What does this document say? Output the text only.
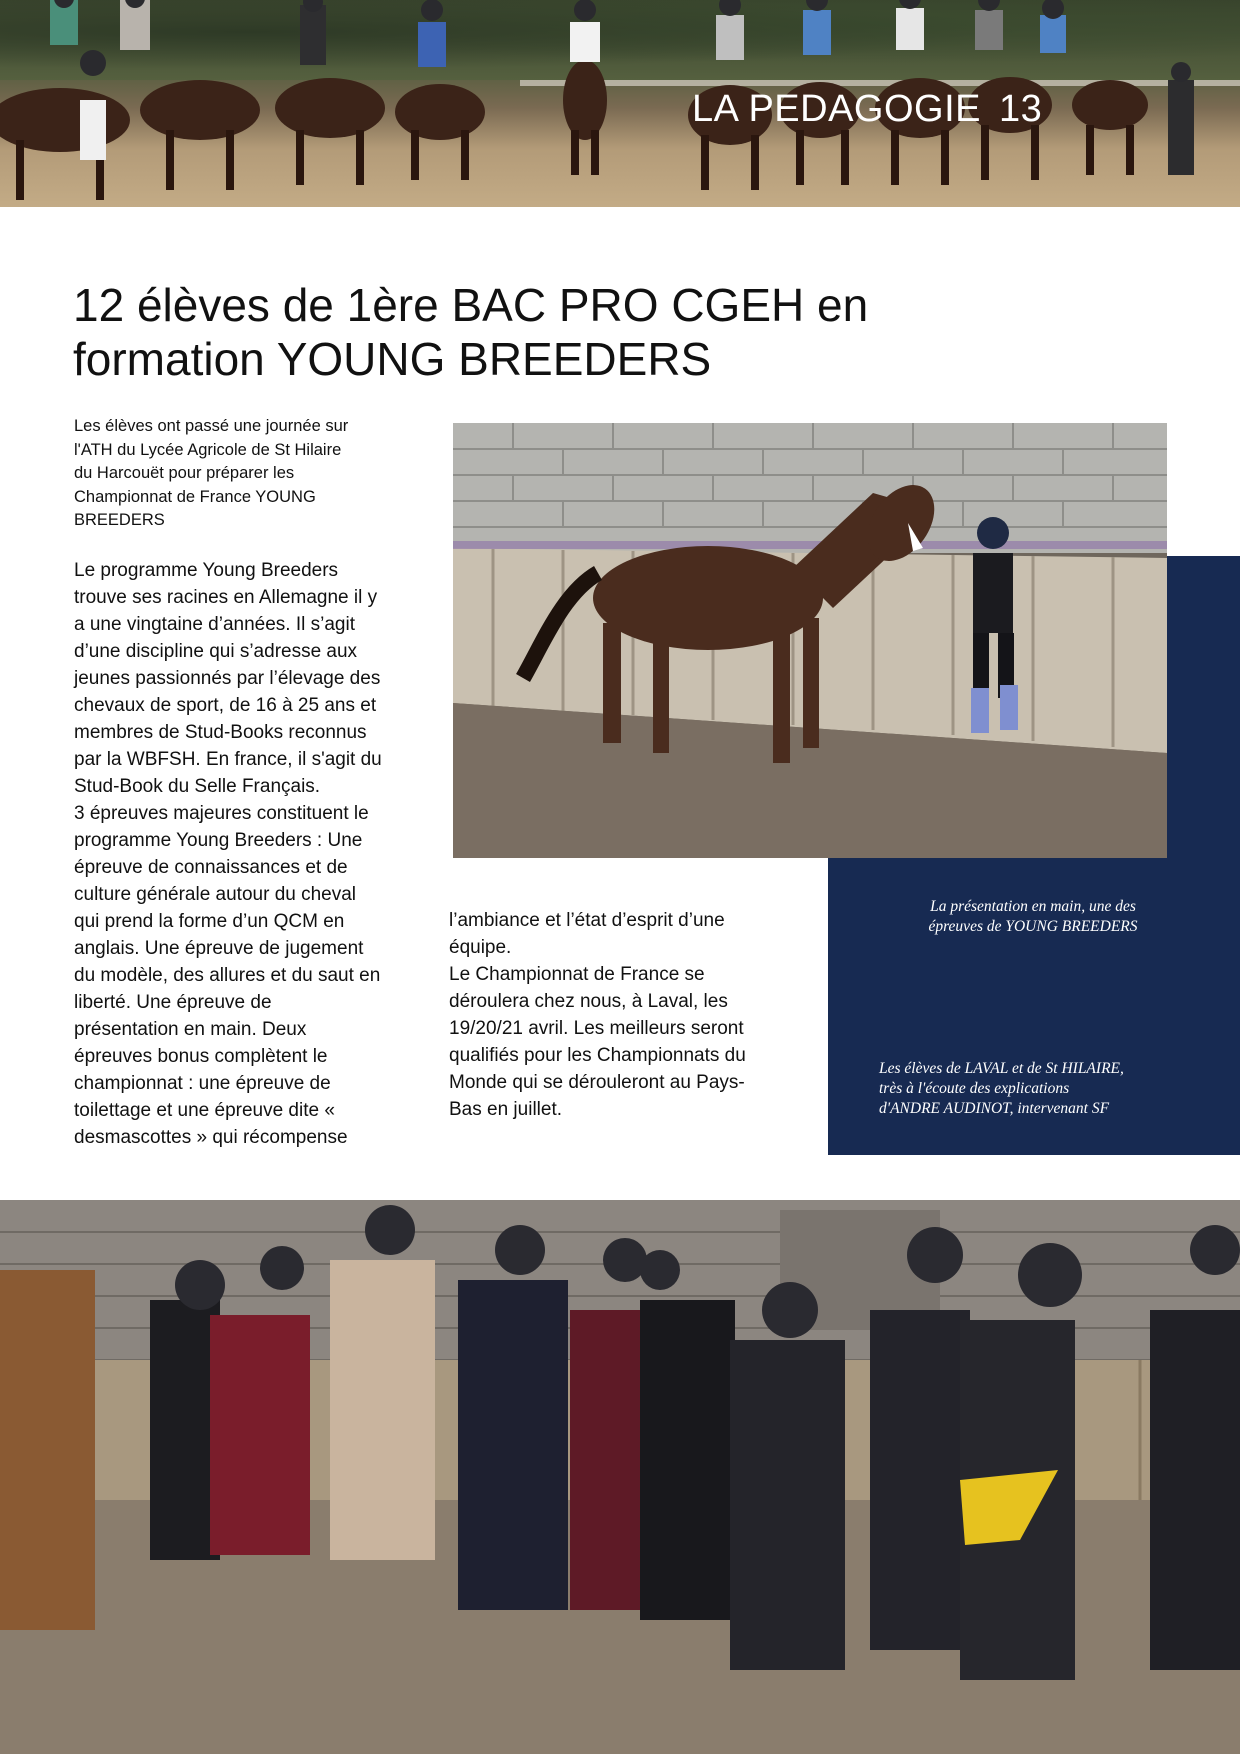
LA PEDAGOGIE 13
12 élèves de 1ère BAC PRO CGEH en
formation YOUNG BREEDERS
Les élèves ont passé une journée sur
l'ATH du Lycée Agricole de St Hilaire
du Harcouët pour préparer les
Championnat de France YOUNG
BREEDERS
Le programme Young Breeders
trouve ses racines en Allemagne il y
a une vingtaine d’années. Il s’agit
d’une discipline qui s’adresse aux
jeunes passionnés par l’élevage des
chevaux de sport, de 16 à 25 ans et
membres de Stud-Books reconnus
par la WBFSH. En france, il s'agit du
Stud-Book du Selle Français.
3 épreuves majeures constituent le
programme Young Breeders : Une
épreuve de connaissances et de
culture générale autour du cheval
qui prend la forme d’un QCM en
anglais. Une épreuve de jugement
du modèle, des allures et du saut en
liberté. Une épreuve de
présentation en main. Deux
épreuves bonus complètent le
championnat : une épreuve de
toilettage et une épreuve dite «
desmascottes » qui récompense
l’ambiance et l’état d’esprit d’une
équipe.
Le Championnat de France se
déroulera chez nous, à Laval, les
19/20/21 avril. Les meilleurs seront
qualifiés pour les Championnats du
Monde qui se dérouleront au Pays-
Bas en juillet.
La présentation en main, une des
épreuves de YOUNG BREEDERS
Les élèves de LAVAL et de St HILAIRE,
très à l'écoute des explications
d'ANDRE AUDINOT, intervenant SF
